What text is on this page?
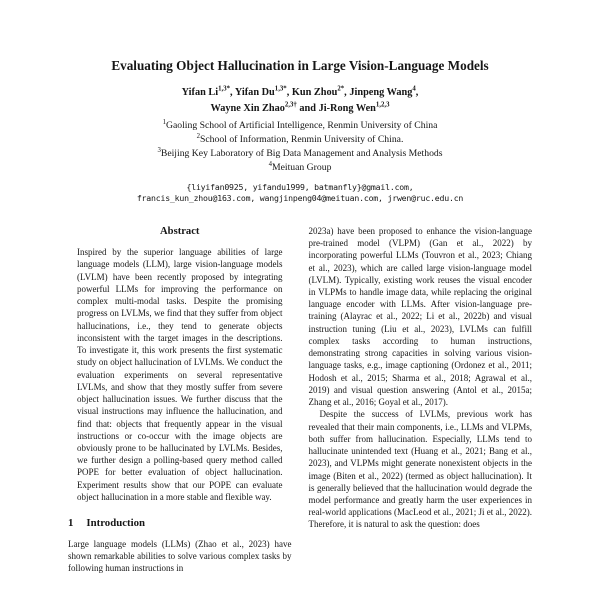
Evaluating Object Hallucination in Large Vision-Language Models
Yifan $Li^{1,3*}$, Yifan $Du^{1,3*}$, Kun Zhou$^{2*}$, Jinpeng Wang$^4$,
Wayne Xin Zhao$^{2,3\dagger}$ and Ji-Rong Wen$^{1,2,3}$
$^1$Gaoling School of Artificial Intelligence, Renmin University of China
$^2$School of Information, Renmin University of China.
$^3$Beijing Key Laboratory of Big Data Management and Analysis Methods
$^4$Meituan Group
{liyifan0925, yifandu1999, batmanfly}@gmail.com,
francis_kun_zhou@163.com, wangjinpeng04@meituan.com, jrwen@ruc.edu.cn
Abstract

Inspired by the superior language abilities of large language models (LLM), large vision-language models (LVLM) have been recently proposed by integrating powerful LLMs for improving the performance on complex multi-modal tasks. Despite the promising progress on LVLMs, we find that they suffer from object hallucinations, i.e., they tend to generate objects inconsistent with the target images in the descriptions. To investigate it, this work presents the first systematic study on object hallucination of LVLMs. We conduct the evaluation experiments on several representative LVLMs, and show that they mostly suffer from severe object hallucination issues. We further discuss that the visual instructions may influence the hallucination, and find that: objects that frequently appear in the visual instructions or co-occur with the image objects are obviously prone to be hallucinated by LVLMs. Besides, we further design a polling-based query method called POPE for better evaluation of object hallucination. Experiment results show that our POPE can evaluate object hallucination in a more stable and flexible way.

1 Introduction

Large language models (LLMs) (Zhao et al., 2023) have shown remarkable abilities to solve various complex tasks by following human instructions in

2023a) have been proposed to enhance the vision-language pre-trained model (VLPM) (Gan et al., 2022) by incorporating powerful LLMs (Touvron et al., 2023; Chiang et al., 2023), which are called large vision-language model (LVLM). Typically, existing work reuses the visual encoder in VLPMs to handle image data, while replacing the original language encoder with LLMs. After vision-language pre-training (Alayrac et al., 2022; Li et al., 2022b) and visual instruction tuning (Liu et al., 2023), LVLMs can fulfill complex tasks according to human instructions, demonstrating strong capacities in solving various vision-language tasks, e.g., image captioning (Ordonez et al., 2011; Hodosh et al., 2015; Sharma et al., 2018; Agrawal et al., 2019) and visual question answering (Antol et al., 2015a; Zhang et al., 2016; Goyal et al., 2017).

Despite the success of LVLMs, previous work has revealed that their main components, i.e., LLMs and VLPMs, both suffer from hallucination. Especially, LLMs tend to hallucinate unintended text (Huang et al., 2021; Bang et al., 2023), and VLPMs might generate nonexistent objects in the image (Biten et al., 2022) (termed as object hallucination). It is generally believed that the hallucination would degrade the model performance and greatly harm the user experiences in real-world applications (MacLeod et al., 2021; Ji et al., 2022). Therefore, it is natural to ask the question: does
